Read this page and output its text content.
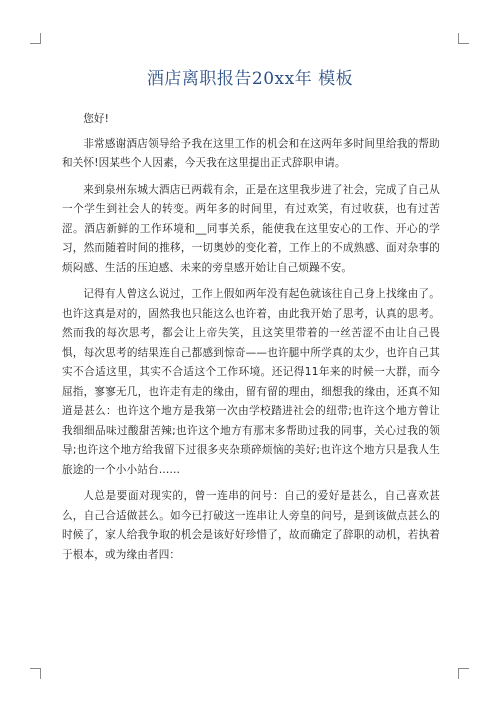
酒店离职报告20xx年 模板

您好!

非常感谢酒店领导给予我在这里工作的机会和在这两年多时间里给我的帮助和关怀!因某些个人因素，今天我在这里提出正式辞职申请。

来到泉州东城大酒店已两载有余，正是在这里我步进了社会，完成了自己从一个学生到社会人的转变。两年多的时间里，有过欢笑，有过收获，也有过苦涩。酒店新鲜的工作环境和__同事关系，能使我在这里安心的工作、开心的学习，然而随着时间的推移，一切奥妙的变化着，工作上的不成熟感、面对杂事的烦闷感、生活的压迫感、未来的旁皇感开始让自己烦躁不安。

记得有人曾这么说过，工作上假如两年没有起色就该往自己身上找缘由了。也许这真是对的，固然我也只能这么也许着，由此我开始了思考，认真的思考。然而我的每次思考，都会让上帝失笑，且这笑里带着的一丝苦涩不由让自己畏惧，每次思考的结果连自己都感到惊奇——也许腿中所学真的太少，也许自己其实不合适这里，其实不合适这个工作环境。还记得11年来的时候一大群，而今屈指，寥寥无几，也许走有走的缘由，留有留的理由，细想我的缘由，还真不知道是甚么：也许这个地方是我第一次由学校踏进社会的纽带;也许这个地方曾让我细细品味过酸甜苦辣;也许这个地方有那末多帮助过我的同事，关心过我的领导;也许这个地方给我留下过很多夹杂琐碎烦恼的美好;也许这个地方只是我人生旅途的一个小小站台……

人总是要面对现实的，曾一连串的问号：自己的爱好是甚么，自己喜欢甚么，自己合适做甚么。如今已打破这一连串让人旁皇的问号，是到该做点甚么的时候了，家人给我争取的机会是该好好珍惜了，故而确定了辞职的动机，若执着于根本，或为缘由者四：
